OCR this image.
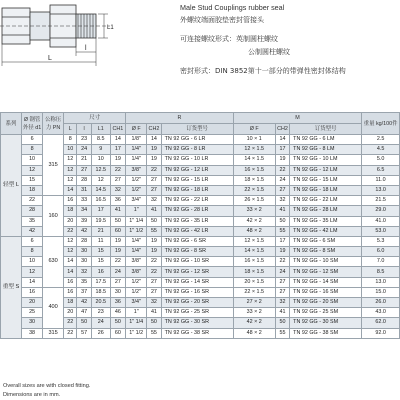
L
l
L1
Male Stud Couplings rubber seal
外螺纹端面胶垫密封管接头
可连接螺纹形式：英制圆柱螺纹
公制圆柱螺纹
密封形式：DIN 3852第十一部分的带弹性密封体结构
系列	Ø 钢管外径 d1	公称压力 PN	尺寸				R			M			重量 kg/100件
			L	l	L1	CH1	Ø F	CH2	订货型号	Ø F	CH2	订货型号	

轻型 L	6	315	8	23	8.5	14	1/8"	14	TN 92 GG - 6 LR	10 × 1	14	TN 92 GG - 6 LM	2.5
	8		10	24	9	17	1/4"	19	TN 92 GG - 8 LR	12 × 1.5	17	TN 92 GG - 8 LM	4.5
	10		12	21	10	19	1/4"	19	TN 92 GG - 10 LR	14 × 1.5	19	TN 92 GG - 10 LM	5.0
	12		12	27	12.5	22	3/8"	22	TN 92 GG - 12 LR	16 × 1.5	22	TN 92 GG - 12 LM	6.5
	15		12	28	12	27	1/2"	27	TN 92 GG - 15 LR	18 × 1.5	24	TN 92 GG - 15 LM	11.0
	18		14	31	14.5	32	1/2"	27	TN 92 GG - 18 LR	22 × 1.5	27	TN 92 GG - 18 LM	13.0
	22	160	16	33	16.5	36	3/4"	32	TN 92 GG - 22 LR	26 × 1.5	32	TN 92 GG - 22 LM	21.5
	28		18	34	17	41	1"	41	TN 92 GG - 28 LR	33 × 2	41	TN 92 GG - 28 LM	29.0
	35		20	39	19.5	50	1" 1/4	50	TN 92 GG - 35 LR	42 × 2	50	TN 92 GG - 35 LM	41.0
	42		22	42	21	60	1" 1/2	55	TN 92 GG - 42 LR	48 × 2	55	TN 92 GG - 42 LM	53.0
重型 S	6	630	12	28	11	19	1/4"	19	TN 92 GG - 6 SR	12 × 1.5	17	TN 92 GG - 6 SM	5.3
	8		12	30	15	19	1/4"	19	TN 92 GG - 8 SR	14 × 1.5	19	TN 92 GG - 8 SM	6.0
	10		14	30	15	22	3/8"	22	TN 92 GG - 10 SR	16 × 1.5	22	TN 92 GG - 10 SM	7.0
	12		14	32	16	24	3/8"	22	TN 92 GG - 12 SR	18 × 1.5	24	TN 92 GG - 12 SM	8.5
	14		16	35	17.5	27	1/2"	27	TN 92 GG - 14 SR	20 × 1.5	27	TN 92 GG - 14 SM	13.0
	16	400	16	37	18.5	30	1/2"	27	TN 92 GG - 16 SR	22 × 1.5	27	TN 92 GG - 16 SM	15.0
	20		18	42	20.5	36	3/4"	32	TN 92 GG - 20 SR	27 × 2	32	TN 92 GG - 20 SM	26.0
	25		20	47	23	46	1"	41	TN 92 GG - 25 SR	33 × 2	41	TN 92 GG - 25 SM	43.0
	30		22	50	24	50	1" 1/4	50	TN 92 GG - 30 SR	42 × 2	50	TN 92 GG - 30 SM	62.0
	38	315	22	57	26	60	1" 1/2	55	TN 92 GG - 38 SR	48 × 2	55	TN 92 GG - 38 SM	92.0
Overall sizes are with closed fitting.
Dimensions are in mm.
